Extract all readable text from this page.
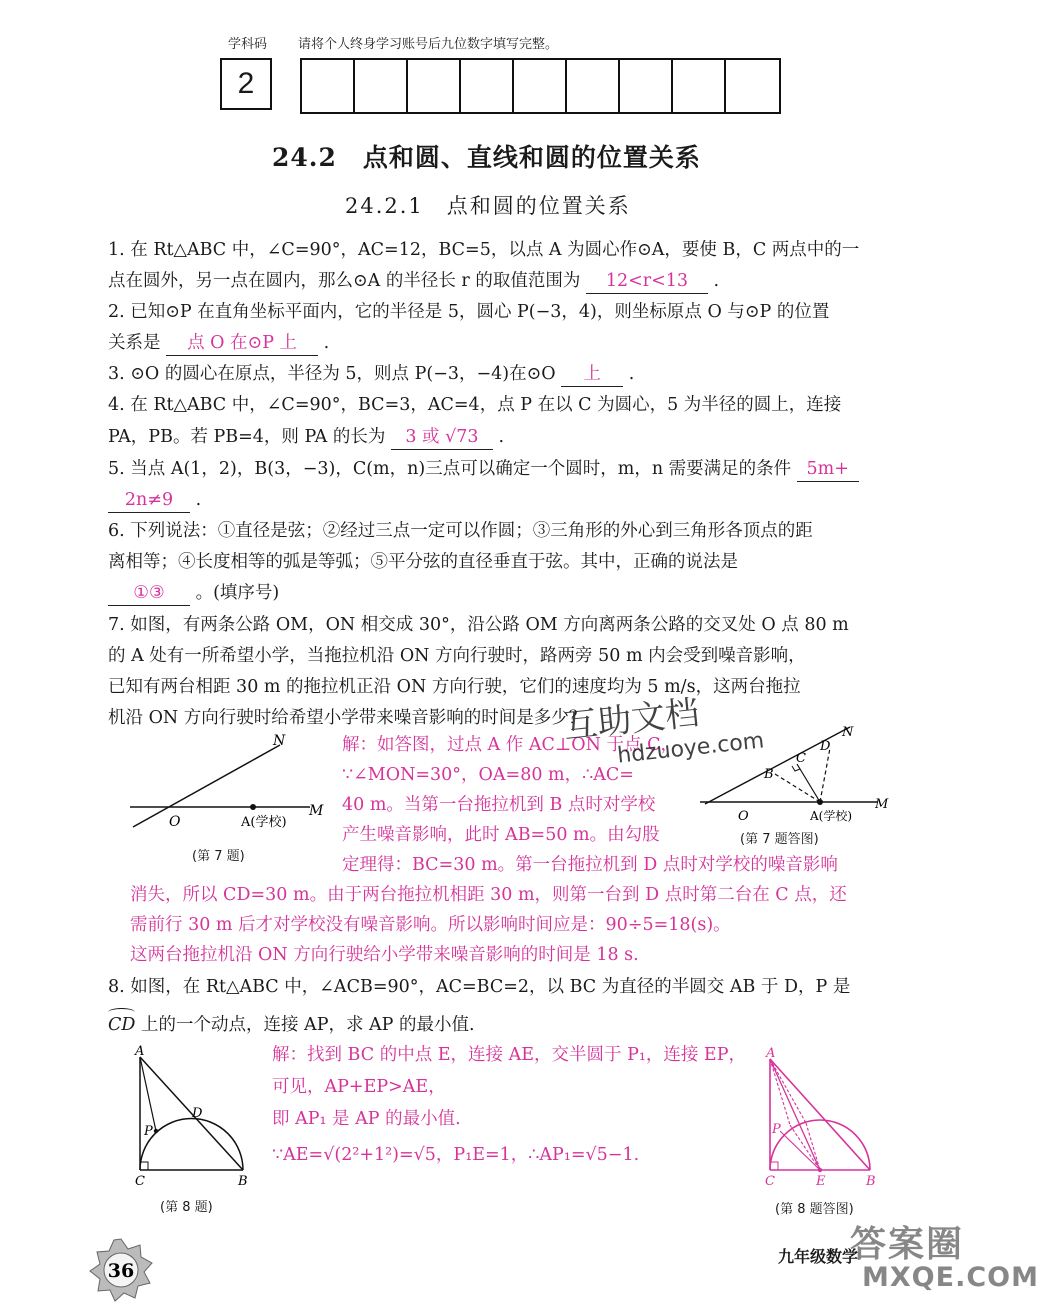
学科码 请将个人终身学习账号后九位数字填写完整。
2
24.2　点和圆、直线和圆的位置关系
24.2.1　点和圆的位置关系
1. 在 Rt△ABC 中，∠C=90°，AC=12，BC=5，以点 A 为圆心作⊙A，要使 B，C 两点中的一
点在圆外，另一点在圆内，那么⊙A 的半径长 r 的取值范围为 12<r<13 .
2. 已知⊙P 在直角坐标平面内，它的半径是 5，圆心 P(−3，4)，则坐标原点 O 与⊙P 的位置
关系是 点 O 在⊙P 上 .
3. ⊙O 的圆心在原点，半径为 5，则点 P(−3，−4)在⊙O 上 .
4. 在 Rt△ABC 中，∠C=90°，BC=3，AC=4，点 P 在以 C 为圆心，5 为半径的圆上，连接
PA，PB。若 PB=4，则 PA 的长为 3 或 √73 .
5. 当点 A(1，2)，B(3，−3)，C(m，n)三点可以确定一个圆时，m，n 需要满足的条件 5m+
2n≠9 .
6. 下列说法：①直径是弦；②经过三点一定可以作圆；③三角形的外心到三角形各顶点的距
离相等；④长度相等的弧是等弧；⑤平分弦的直径垂直于弦。其中，正确的说法是
①③ 。(填序号)
7. 如图，有两条公路 OM，ON 相交成 30°，沿公路 OM 方向离两条公路的交叉处 O 点 80 m
的 A 处有一所希望小学，当拖拉机沿 ON 方向行驶时，路两旁 50 m 内会受到噪音影响，
已知有两台相距 30 m 的拖拉机正沿 ON 方向行驶，它们的速度均为 5 m/s，这两台拖拉
机沿 ON 方向行驶时给希望小学带来噪音影响的时间是多少？
N
O	A(学校)
M
(第 7 题)
解：如答图，过点 A 作 AC⊥ON 于点 C，
∵∠MON=30°，OA=80 m，∴AC=
40 m。当第一台拖拉机到 B 点时对学校
产生噪音影响，此时 AB=50 m。由勾股
定理得：BC=30 m。第一台拖拉机到 D 点时对学校的噪音影响
消失，所以 CD=30 m。由于两台拖拉机相距 30 m，则第一台到 D 点时第二台在 C 点，还
需前行 30 m 后才对学校没有噪音影响。所以影响时间应是：90÷5=18(s)。
这两台拖拉机沿 ON 方向行驶给小学带来噪音影响的时间是 18 s.
N
D
C
B
O	A(学校)
M
(第 7 题答图)
8. 如图，在 Rt△ABC 中，∠ACB=90°，AC=BC=2，以 BC 为直径的半圆交 AB 于 D，P 是
CD 上的一个动点，连接 AP，求 AP 的最小值.
A
D
P
C	B
(第 8 题)
解：找到 BC 的中点 E，连接 AE，交半圆于 P₁，连接 EP，
可见，AP+EP>AE，
即 AP₁ 是 AP 的最小值.
∵AE=√(2²+1²)=√5，P₁E=1，∴AP₁=√5−1.
A
P
C	E	B
(第 8 题答图)
互助文档
hdzuoye.com
36
九年级数学
答案圈
MXQE.COM
